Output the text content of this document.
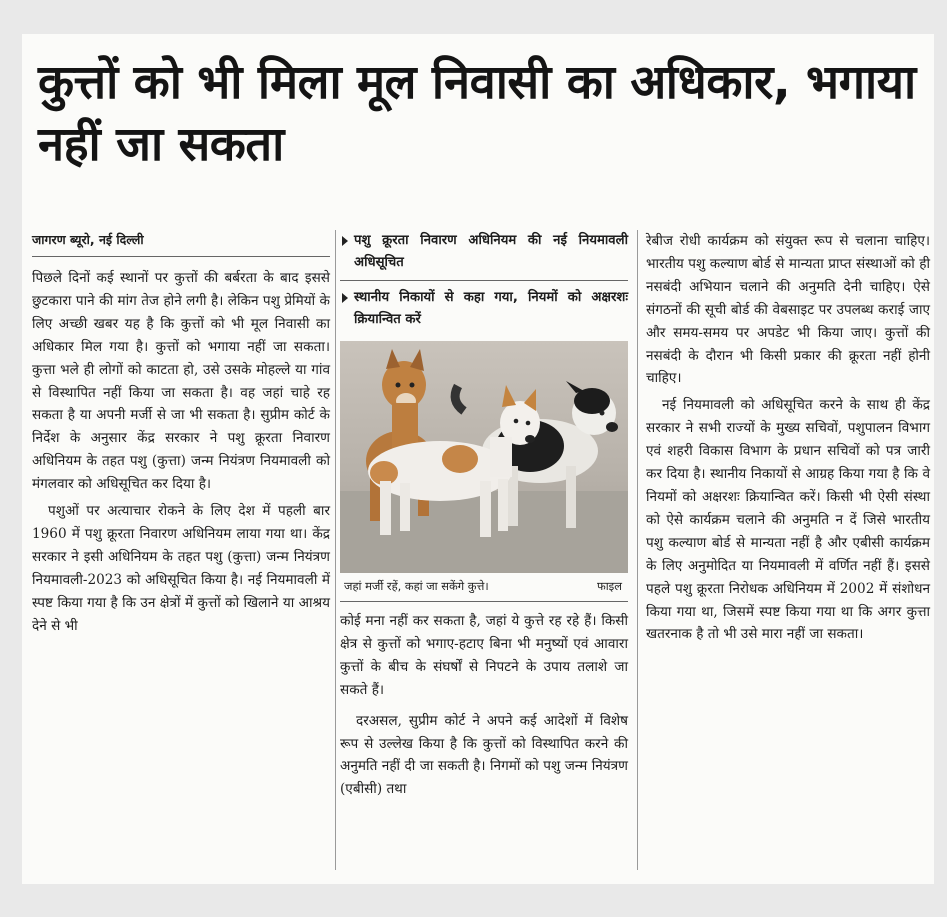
कुत्तों को भी मिला मूल निवासी का अधिकार, भगाया नहीं जा सकता
जागरण ब्यूरो, नई दिल्ली

पिछले दिनों कई स्थानों पर कुत्तों की बर्बरता के बाद इससे छुटकारा पाने की मांग तेज होने लगी है। लेकिन पशु प्रेमियों के लिए अच्छी खबर यह है कि कुत्तों को भी मूल निवासी का अधिकार मिल गया है। कुत्तों को भगाया नहीं जा सकता। कुत्ता भले ही लोगों को काटता हो, उसे उसके मोहल्ले या गांव से विस्थापित नहीं किया जा सकता है। वह जहां चाहे रह सकता है या अपनी मर्जी से जा भी सकता है। सुप्रीम कोर्ट के निर्देश के अनुसार केंद्र सरकार ने पशु क्रूरता निवारण अधिनियम के तहत पशु (कुत्ता) जन्म नियंत्रण नियमावली को मंगलवार को अधिसूचित कर दिया है।

पशुओं पर अत्याचार रोकने के लिए देश में पहली बार 1960 में पशु क्रूरता निवारण अधिनियम लाया गया था। केंद्र सरकार ने इसी अधिनियम के तहत पशु (कुत्ता) जन्म नियंत्रण नियमावली-2023 को अधिसूचित किया है। नई नियमावली में स्पष्ट किया गया है कि उन क्षेत्रों में कुत्तों को खिलाने या आश्रय देने से भी

पशु क्रूरता निवारण अधिनियम की नई नियमावली अधिसूचित
स्थानीय निकायों से कहा गया, नियमों को अक्षरशः क्रियान्वित करें
जहां मर्जी रहें, कहां जा सकेंगे कुत्ते।	फाइल

कोई मना नहीं कर सकता है, जहां ये कुत्ते रह रहे हैं। किसी क्षेत्र से कुत्तों को भगाए-हटाए बिना भी मनुष्यों एवं आवारा कुत्तों के बीच के संघर्षों से निपटने के उपाय तलाशे जा सकते हैं।

दरअसल, सुप्रीम कोर्ट ने अपने कई आदेशों में विशेष रूप से उल्लेख किया है कि कुत्तों को विस्थापित करने की अनुमति नहीं दी जा सकती है। निगमों को पशु जन्म नियंत्रण (एबीसी) तथा

रेबीज रोधी कार्यक्रम को संयुक्त रूप से चलाना चाहिए। भारतीय पशु कल्याण बोर्ड से मान्यता प्राप्त संस्थाओं को ही नसबंदी अभियान चलाने की अनुमति देनी चाहिए। ऐसे संगठनों की सूची बोर्ड की वेबसाइट पर उपलब्ध कराई जाए और समय-समय पर अपडेट भी किया जाए। कुत्तों की नसबंदी के दौरान भी किसी प्रकार की क्रूरता नहीं होनी चाहिए।

नई नियमावली को अधिसूचित करने के साथ ही केंद्र सरकार ने सभी राज्यों के मुख्य सचिवों, पशुपालन विभाग एवं शहरी विकास विभाग के प्रधान सचिवों को पत्र जारी कर दिया है। स्थानीय निकायों से आग्रह किया गया है कि वे नियमों को अक्षरशः क्रियान्वित करें। किसी भी ऐसी संस्था को ऐसे कार्यक्रम चलाने की अनुमति न दें जिसे भारतीय पशु कल्याण बोर्ड से मान्यता नहीं है और एबीसी कार्यक्रम के लिए अनुमोदित या नियमावली में वर्णित नहीं हैं। इससे पहले पशु क्रूरता निरोधक अधिनियम में 2002 में संशोधन किया गया था, जिसमें स्पष्ट किया गया था कि अगर कुत्ता खतरनाक है तो भी उसे मारा नहीं जा सकता।
